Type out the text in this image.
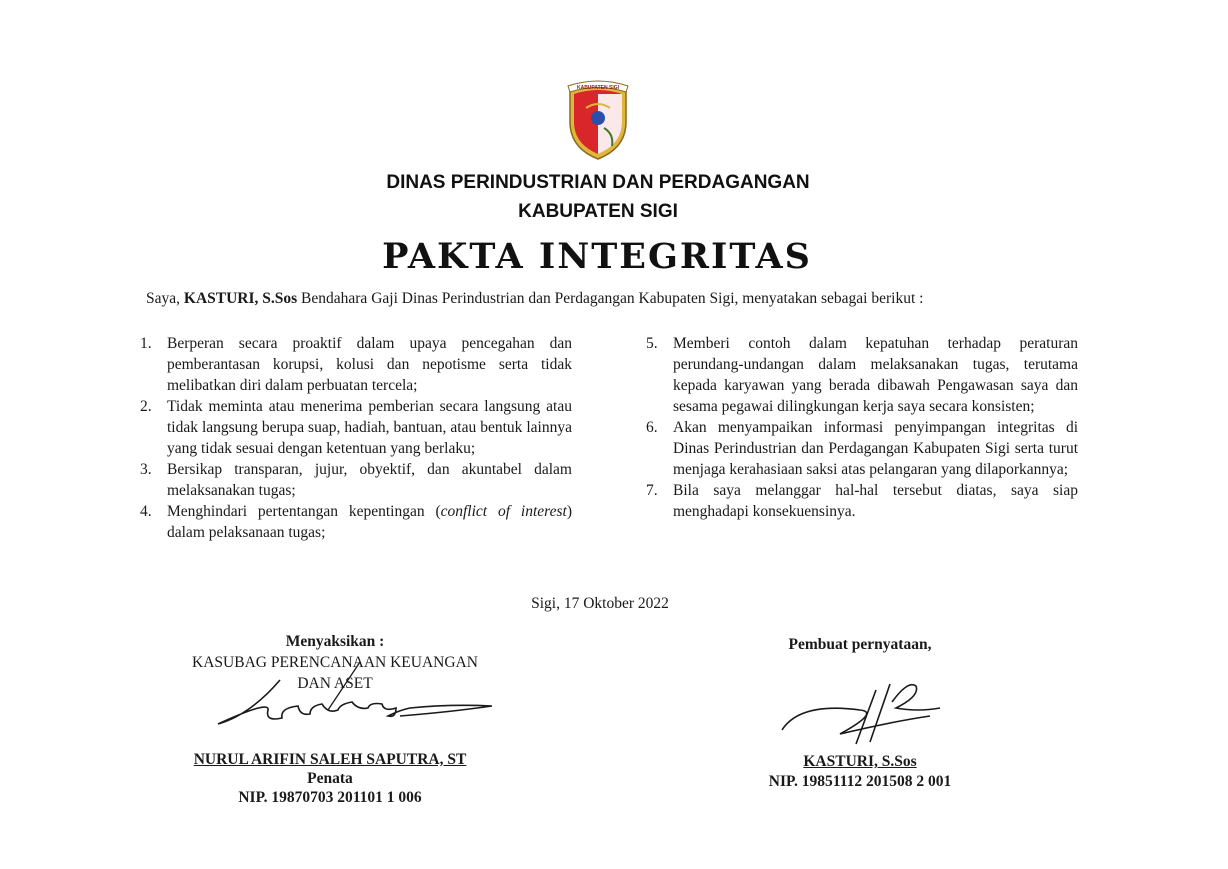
KABUPATEN SIGI
DINAS PERINDUSTRIAN DAN PERDAGANGAN
KABUPATEN SIGI
PAKTA INTEGRITAS
Saya, KASTURI, S.Sos Bendahara Gaji Dinas Perindustrian dan Perdagangan Kabupaten Sigi, menyatakan sebagai berikut :
1. Berperan secara proaktif dalam upaya pencegahan dan pemberantasan korupsi, kolusi dan nepotisme serta tidak melibatkan diri dalam perbuatan tercela;
2. Tidak meminta atau menerima pemberian secara langsung atau tidak langsung berupa suap, hadiah, bantuan, atau bentuk lainnya yang tidak sesuai dengan ketentuan yang berlaku;
3. Bersikap transparan, jujur, obyektif, dan akuntabel dalam melaksanakan tugas;
4. Menghindari pertentangan kepentingan (conflict of interest) dalam pelaksanaan tugas;
5. Memberi contoh dalam kepatuhan terhadap peraturan perundang-undangan dalam melaksanakan tugas, terutama kepada karyawan yang berada dibawah Pengawasan saya dan sesama pegawai dilingkungan kerja saya secara konsisten;
6. Akan menyampaikan informasi penyimpangan integritas di Dinas Perindustrian dan Perdagangan Kabupaten Sigi serta turut menjaga kerahasiaan saksi atas pelangaran yang dilaporkannya;
7. Bila saya melanggar hal-hal tersebut diatas, saya siap menghadapi konsekuensinya.
Sigi, 17 Oktober 2022
Menyaksikan :
KASUBAG PERENCANAAN KEUANGAN
DAN ASET
NURUL ARIFIN SALEH SAPUTRA, ST
Penata
NIP. 19870703 201101 1 006
Pembuat pernyataan,
KASTURI, S.Sos
NIP. 19851112 201508 2 001
